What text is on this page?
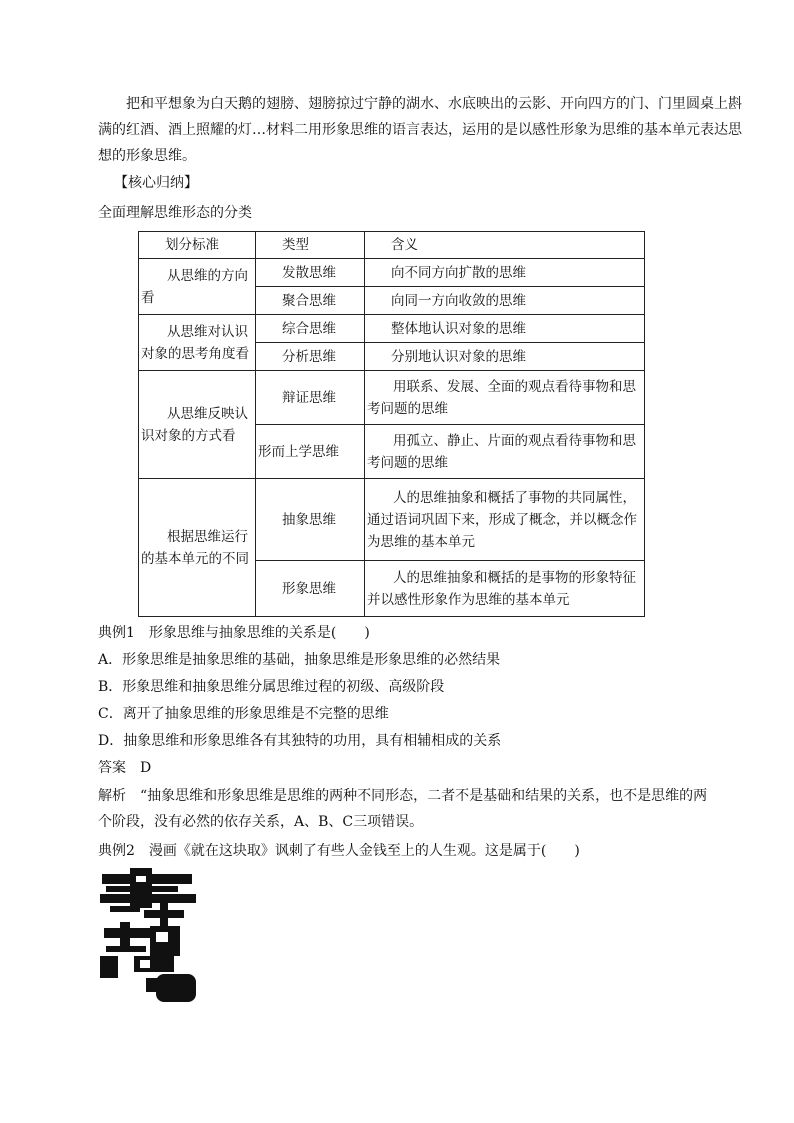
把和平想象为白天鹅的翅膀、翅膀掠过宁静的湖水、水底映出的云影、开向四方的门、门里圆桌上斟
满的红酒、酒上照耀的灯…材料二用形象思维的语言表达，运用的是以感性形象为思维的基本单元表达思
想的形象思维。
【核心归纳】
全面理解思维形态的分类
划分标准	类型	含义
从思维的方向看	发散思维	向不同方向扩散的思维
	聚合思维	向同一方向收敛的思维
从思维对认识对象的思考角度看	综合思维	整体地认识对象的思维
	分析思维	分别地认识对象的思维
从思维反映认识对象的方式看	辩证思维	用联系、发展、全面的观点看待事物和思考问题的思维
	形而上学思维	用孤立、静止、片面的观点看待事物和思考问题的思维
根据思维运行的基本单元的不同	抽象思维	人的思维抽象和概括了事物的共同属性，通过语词巩固下来，形成了概念，并以概念作为思维的基本单元
	形象思维	人的思维抽象和概括的是事物的形象特征并以感性形象作为思维的基本单元
典例1　形象思维与抽象思维的关系是(　　)
A．形象思维是抽象思维的基础，抽象思维是形象思维的必然结果
B．形象思维和抽象思维分属思维过程的初级、高级阶段
C．离开了抽象思维的形象思维是不完整的思维
D．抽象思维和形象思维各有其独特的功用，具有相辅相成的关系
答案　D
解析　“抽象思维和形象思维是思维的两种不同形态，二者不是基础和结果的关系，也不是思维的两
个阶段，没有必然的依存关系，A、B、C三项错误。
典例2　漫画《就在这块取》讽刺了有些人金钱至上的人生观。这是属于(　　)
